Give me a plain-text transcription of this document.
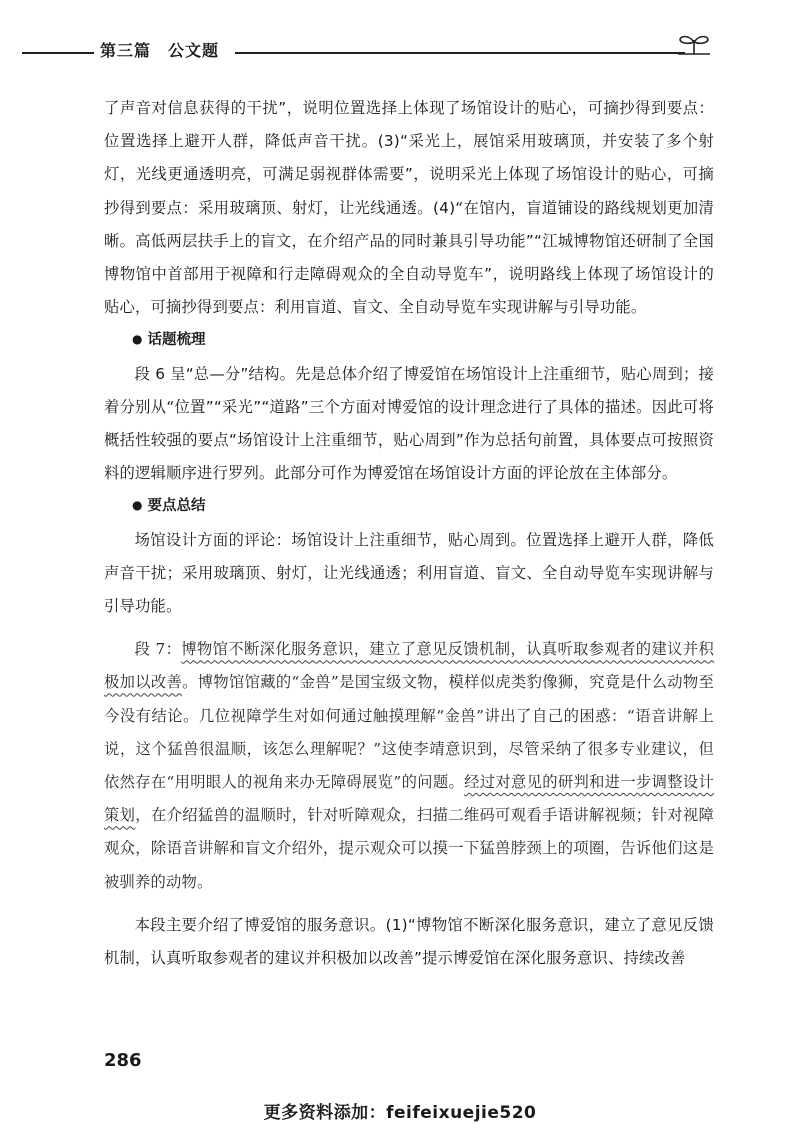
第三篇　公文题

了声音对信息获得的干扰”，说明位置选择上体现了场馆设计的贴心，可摘抄得到要点：位置选择上避开人群，降低声音干扰。(3)“采光上，展馆采用玻璃顶，并安装了多个射灯，光线更通透明亮，可满足弱视群体需要”，说明采光上体现了场馆设计的贴心，可摘抄得到要点：采用玻璃顶、射灯，让光线通透。(4)“在馆内，盲道铺设的路线规划更加清晰。高低两层扶手上的盲文，在介绍产品的同时兼具引导功能”“江城博物馆还研制了全国博物馆中首部用于视障和行走障碍观众的全自动导览车”，说明路线上体现了场馆设计的贴心，可摘抄得到要点：利用盲道、盲文、全自动导览车实现讲解与引导功能。

● 话题梳理

段 6 呈“总—分”结构。先是总体介绍了博爱馆在场馆设计上注重细节，贴心周到；接着分别从“位置”“采光”“道路”三个方面对博爱馆的设计理念进行了具体的描述。因此可将概括性较强的要点“场馆设计上注重细节，贴心周到”作为总括句前置，具体要点可按照资料的逻辑顺序进行罗列。此部分可作为博爱馆在场馆设计方面的评论放在主体部分。

● 要点总结

场馆设计方面的评论：场馆设计上注重细节，贴心周到。位置选择上避开人群，降低声音干扰；采用玻璃顶、射灯，让光线通透；利用盲道、盲文、全自动导览车实现讲解与引导功能。

段 7：博物馆不断深化服务意识，建立了意见反馈机制，认真听取参观者的建议并积极加以改善。博物馆馆藏的“金兽”是国宝级文物，模样似虎类豹像狮，究竟是什么动物至今没有结论。几位视障学生对如何通过触摸理解“金兽”讲出了自己的困惑：“语音讲解上说，这个猛兽很温顺，该怎么理解呢？”这使李靖意识到，尽管采纳了很多专业建议，但依然存在“用明眼人的视角来办无障碍展览”的问题。经过对意见的研判和进一步调整设计策划，在介绍猛兽的温顺时，针对听障观众，扫描二维码可观看手语讲解视频；针对视障观众，除语音讲解和盲文介绍外，提示观众可以摸一下猛兽脖颈上的项圈，告诉他们这是被驯养的动物。

本段主要介绍了博爱馆的服务意识。(1)“博物馆不断深化服务意识，建立了意见反馈机制，认真听取参观者的建议并积极加以改善”提示博爱馆在深化服务意识、持续改善

286
更多资料添加：feifeixuejie520
